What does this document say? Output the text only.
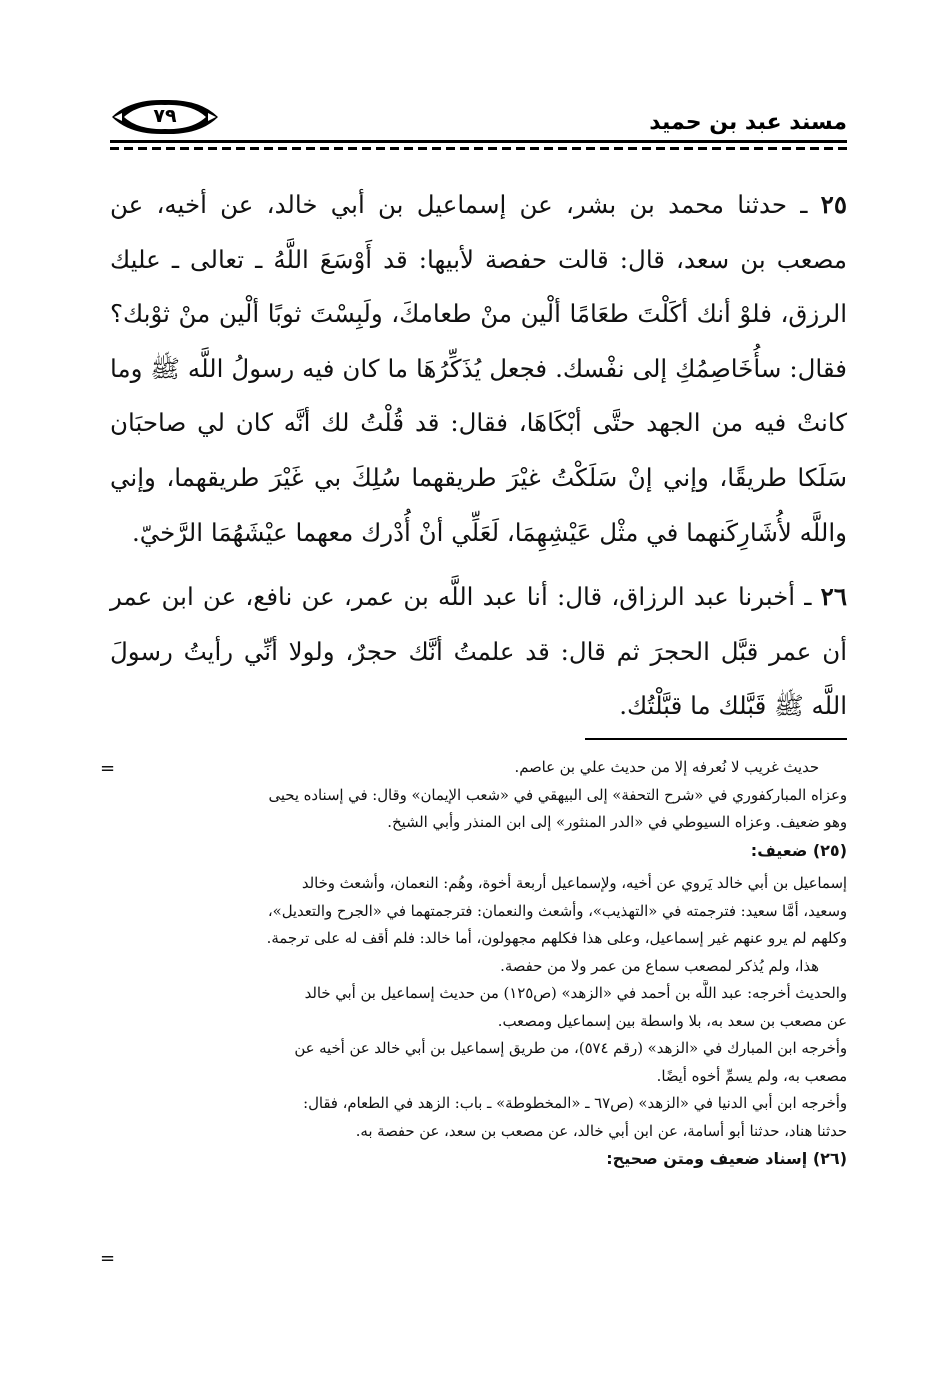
مسند عبد بن حميد
٧٩

٢٥ ـ حدثنا محمد بن بشر، عن إسماعيل بن أبي خالد، عن أخيه، عن مصعب بن سعد، قال: قالت حفصة لأبيها: قد أَوْسَعَ اللَّهُ ـ تعالى ـ عليك الرزق، فلوْ أنك أكَلْتَ طعَامًا ألْين منْ طعامكَ، ولَبِسْتَ ثوبًا ألْين منْ ثوْبك؟ فقال: سأُخَاصِمُكِ إلى نفْسك. فجعل يُذَكِّرُهَا ما كان فيه رسولُ اللَّه ﷺ وما كانتْ فيه من الجهد حتَّى أبْكَاهَا، فقال: قد قُلْتُ لك أنَّه كان لي صاحبَان سَلَكا طريقًا، وإني إنْ سَلَكْتُ غيْرَ طريقهما سُلِكَ بي غَيْرَ طريقهما، وإني واللَّه لأُشَارِكَنهما في مثْل عَيْشِهِمَا، لَعَلِّي أنْ أُدْرك معهما عيْشَهُمَا الرَّخيّ.

٢٦ ـ أخبرنا عبد الرزاق، قال: أنا عبد اللَّه بن عمر، عن نافع، عن ابن عمر أن عمر قبَّل الحجرَ ثم قال: قد علمتُ أنَّك حجرٌ، ولولا أنِّي رأيتُ رسولَ اللَّه ﷺ قَبَّلك ما قبَّلْتُك.

=
=
حديث غريب لا نُعرفه إلا من حديث علي بن عاصم.
وعزاه المباركفوري في «شرح التحفة» إلى البيهقي في «شعب الإيمان» وقال: في إسناده يحيى
وهو ضعيف. وعزاه السيوطي في «الدر المنثور» إلى ابن المنذر وأبي الشيخ.
(٢٥) ضعيف:
إسماعيل بن أبي خالد يَروي عن أخيه، ولإسماعيل أربعة أخوة، وهُم: النعمان، وأشعث وخالد
وسعيد، أمَّا سعيد: فترجمته في «التهذيب»، وأشعث والنعمان: فترجمتهما في «الجرح والتعديل»،
وكلهم لم يرو عنهم غير إسماعيل، وعلى هذا فكلهم مجهولون، أما خالد: فلم أقف له على ترجمة.
هذا، ولم يُذكر لمصعب سماع من عمر ولا من حفصة.
والحديث أخرجه: عبد اللَّه بن أحمد في «الزهد» (ص١٢٥) من حديث إسماعيل بن أبي خالد
عن مصعب بن سعد به، بلا واسطة بين إسماعيل ومصعب.
وأخرجه ابن المبارك في «الزهد» (رقم ٥٧٤)، من طريق إسماعيل بن أبي خالد عن أخيه عن
مصعب به، ولم يسمِّ أخوه أيضًا.
وأخرجه ابن أبي الدنيا في «الزهد» (ص٦٧ ـ «المخطوطة» ـ باب: الزهد في الطعام، فقال:
حدثنا هناد، حدثنا أبو أسامة، عن ابن أبي خالد، عن مصعب بن سعد، عن حفصة به.
(٢٦) إسناد ضعيف ومتن صحيح:
